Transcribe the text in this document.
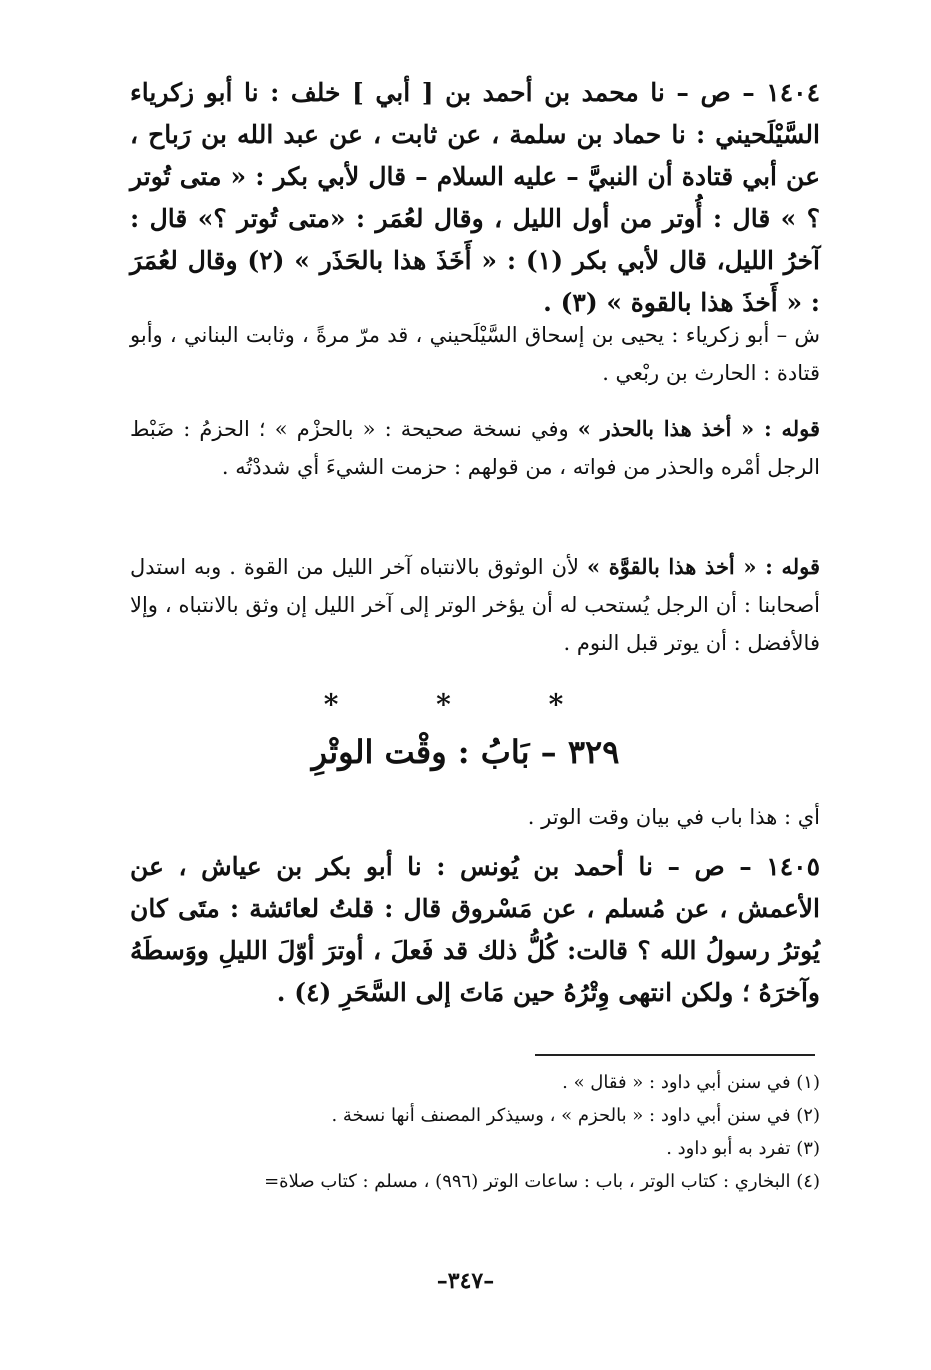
١٤٠٤ – ص – نا محمد بن أحمد بن [ أبي ] خلف : نا أبو زكرياء السَّيْلَحيني : نا حماد بن سلمة ، عن ثابت ، عن عبد الله بن رَباح ، عن أبي قتادة أن النبيَّ – عليه السلام – قال لأبي بكر : « متى تُوتر ؟ » قال : أُوتر من أول الليل ، وقال لعُمَر : «متى تُوتر ؟» قال : آخرُ الليل، قال لأبي بكر (١) : « أَخَذَ هذا بالحَذَر » (٢) وقال لعُمَرَ : « أَخذَ هذا بالقوة » (٣) .
ش – أبو زكرياء : يحيى بن إسحاق السَّيْلَحيني ، قد مرّ مرةً ، وثابت البناني ، وأبو قتادة : الحارث بن ربْعي .
قوله : « أخذ هذا بالحذر » وفي نسخة صحيحة : « بالحزْم » ؛ الحزمُ : ضَبْط الرجل أمْره والحذر من فواته ، من قولهم : حزمت الشيءَ أي شددْتُه .
قوله : « أخذ هذا بالقوَّة » لأن الوثوق بالانتباه آخر الليل من القوة . وبه استدل أصحابنا : أن الرجل يُستحب له أن يؤخر الوتر إلى آخر الليل إن وثق بالانتباه ، وإلا فالأفضل : أن يوتر قبل النوم .
* * *
٣٢٩ – بَابُ : وقْت الوتْرِ
أي : هذا باب في بيان وقت الوتر .
١٤٠٥ – ص – نا أحمد بن يُونس : نا أبو بكر بن عياش ، عن الأعمش ، عن مُسلم ، عن مَسْروق قال : قلتُ لعائشة : متَى كان يُوترُ رسولُ الله ؟ قالت: كُلُّ ذلك قد فَعلَ ، أوترَ أوّلَ الليلِ ووَسطَهُ وآخرَهُ ؛ ولكن انتهى وِتْرُهُ حين مَاتَ إلى السَّحَرِ (٤) .
(١) في سنن أبي داود : « فقال » .
(٢) في سنن أبي داود : « بالحزم » ، وسيذكر المصنف أنها نسخة .
(٣) تفرد به أبو داود .
(٤) البخاري : كتاب الوتر ، باب : ساعات الوتر (٩٩٦) ، مسلم : كتاب صلاة=
–٣٤٧–
